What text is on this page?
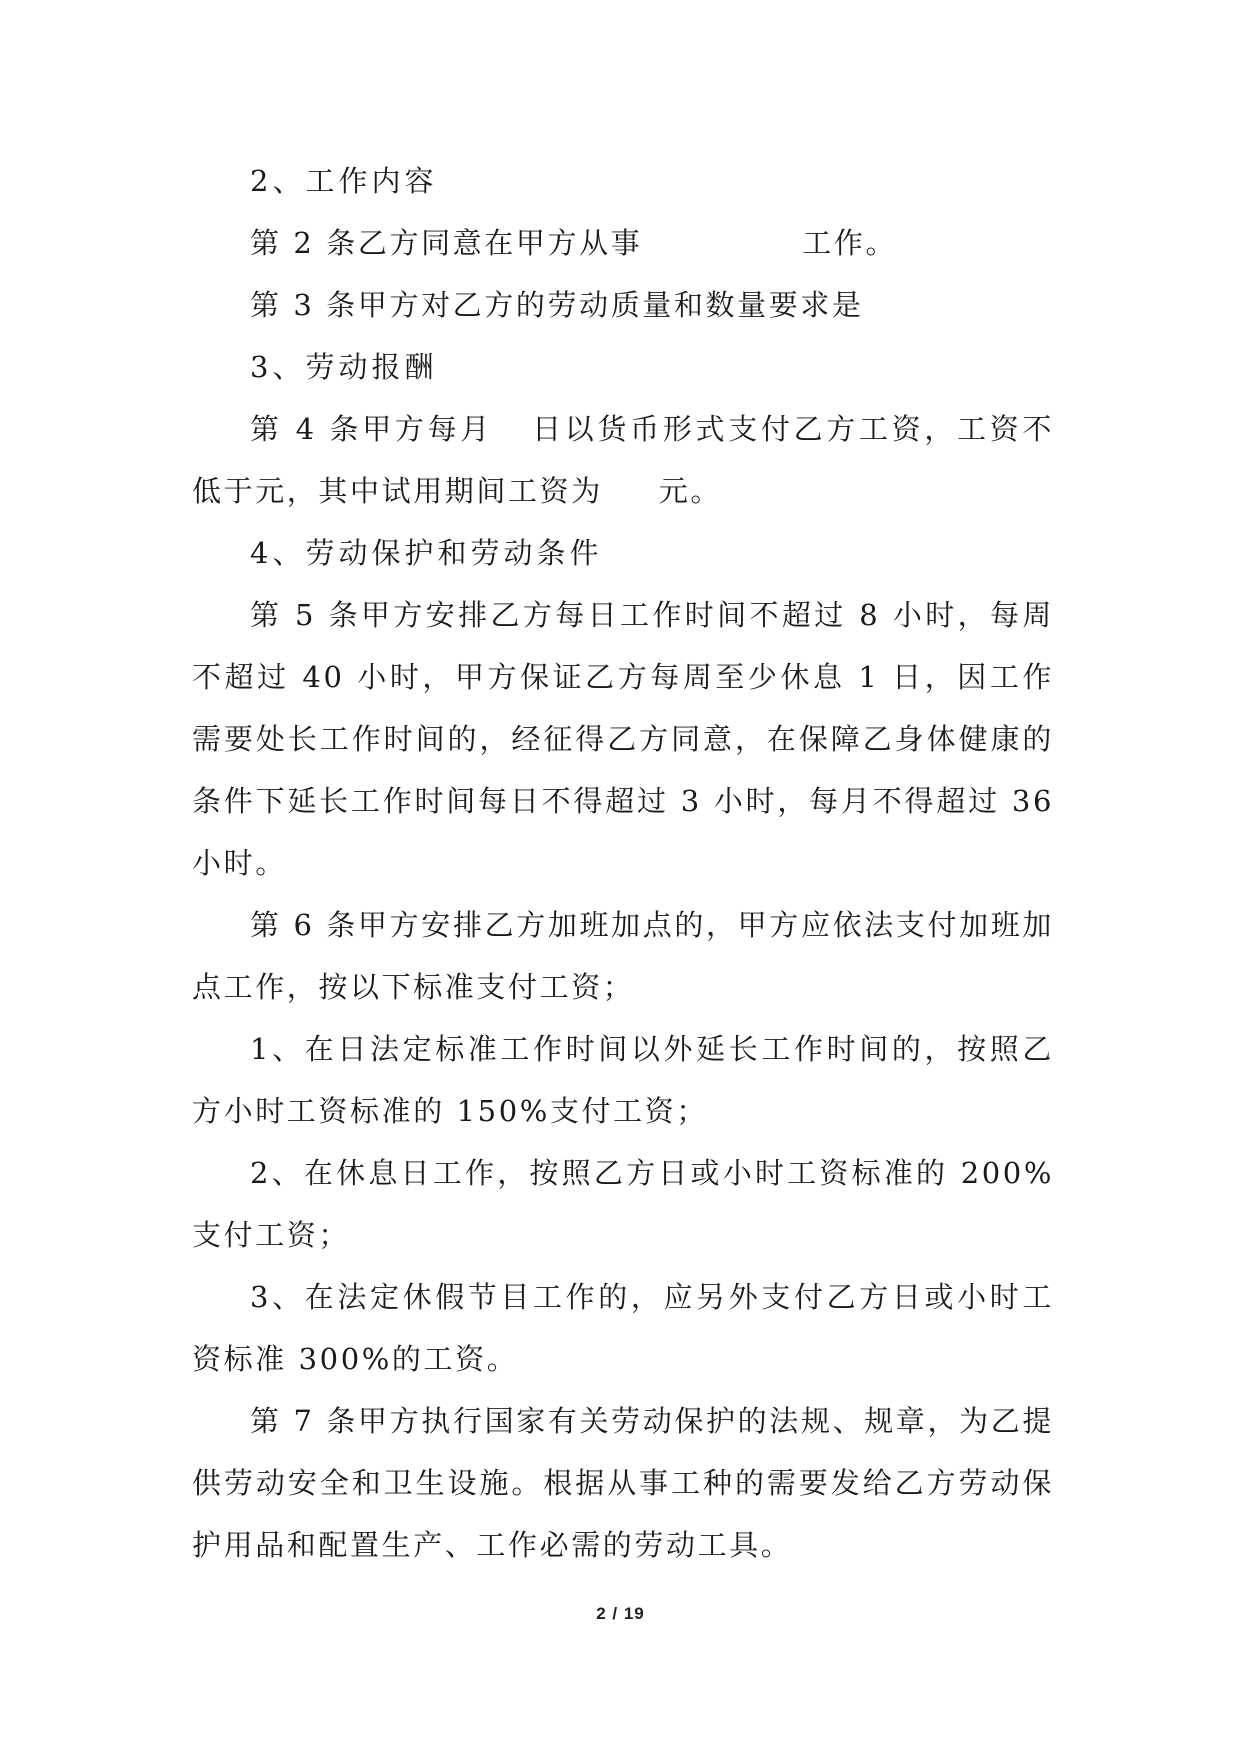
2、工作内容

第 2 条乙方同意在甲方从事	工作。

第 3 条甲方对乙方的劳动质量和数量要求是

3、劳动报酬

第 4 条甲方每月 日以货币形式支付乙方工资，工资不低于元，其中试用期间工资为 元。

4、劳动保护和劳动条件

第 5 条甲方安排乙方每日工作时间不超过 8 小时，每周不超过 40 小时，甲方保证乙方每周至少休息 1 日，因工作需要处长工作时间的，经征得乙方同意，在保障乙身体健康的条件下延长工作时间每日不得超过 3 小时，每月不得超过 36 小时。

第 6 条甲方安排乙方加班加点的，甲方应依法支付加班加点工作，按以下标准支付工资；

1、在日法定标准工作时间以外延长工作时间的，按照乙方小时工资标准的 150%支付工资；

2、在休息日工作，按照乙方日或小时工资标准的 200%支付工资；

3、在法定休假节目工作的，应另外支付乙方日或小时工资标准 300%的工资。

第 7 条甲方执行国家有关劳动保护的法规、规章，为乙提供劳动安全和卫生设施。根据从事工种的需要发给乙方劳动保护用品和配置生产、工作必需的劳动工具。

2 / 19
